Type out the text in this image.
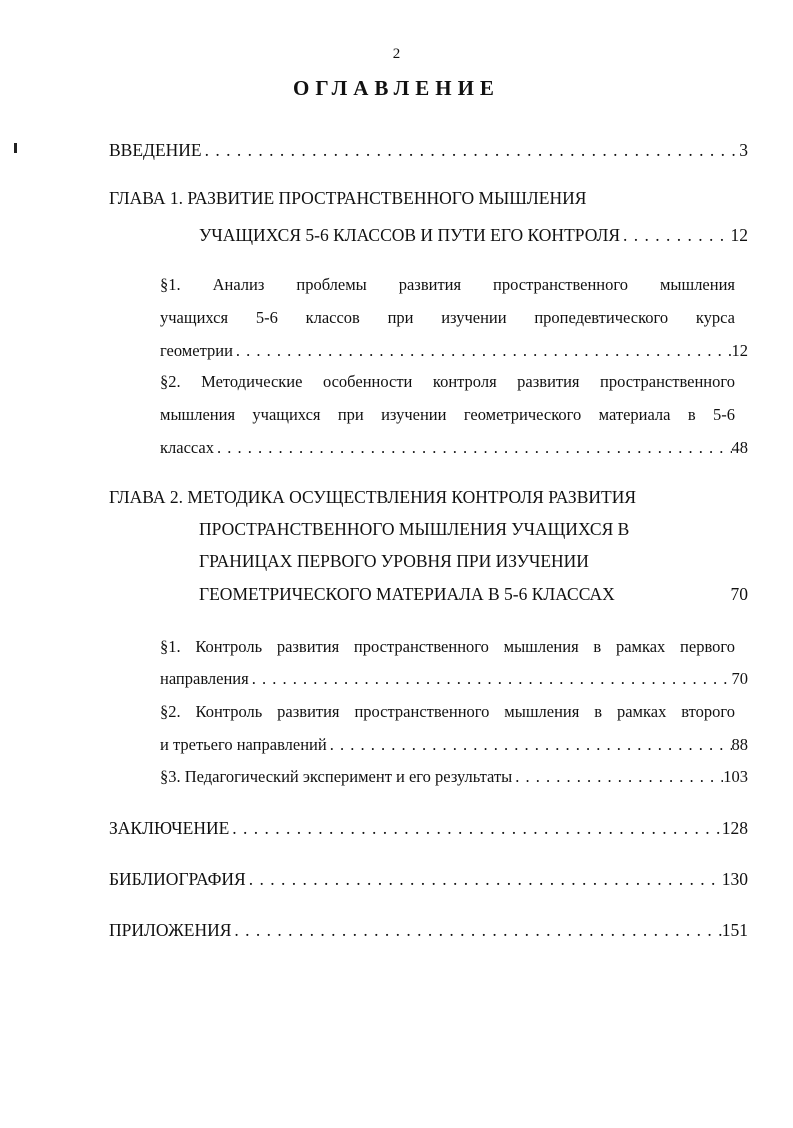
2
ОГЛАВЛЕНИЕ
ВВЕДЕНИЕ . . .	3
ГЛАВА 1. РАЗВИТИЕ ПРОСТРАНСТВЕННОГО МЫШЛЕНИЯ
УЧАЩИХСЯ 5-6 КЛАССОВ И ПУТИ ЕГО КОНТРОЛЯ . . .	12
§1. Анализ проблемы развития пространственного мышления
учащихся 5-6 классов при изучении пропедевтического курса
геометрии . . .	12
§2. Методические особенности контроля развития пространственного
мышления учащихся при изучении геометрического материала в 5-6
классах . . .	48
ГЛАВА 2. МЕТОДИКА ОСУЩЕСТВЛЕНИЯ КОНТРОЛЯ РАЗВИТИЯ
ПРОСТРАНСТВЕННОГО МЫШЛЕНИЯ УЧАЩИХСЯ В
ГРАНИЦАХ ПЕРВОГО УРОВНЯ ПРИ ИЗУЧЕНИИ
ГЕОМЕТРИЧЕСКОГО МАТЕРИАЛА В 5-6 КЛАССАХ	70
§1. Контроль развития пространственного мышления в рамках первого
направления . . .	70
§2. Контроль развития пространственного мышления в рамках второго
и третьего направлений . . .	88
§3. Педагогический эксперимент и его результаты . . .	103
ЗАКЛЮЧЕНИЕ . . .	128
БИБЛИОГРАФИЯ . . .	130
ПРИЛОЖЕНИЯ . . .	151
